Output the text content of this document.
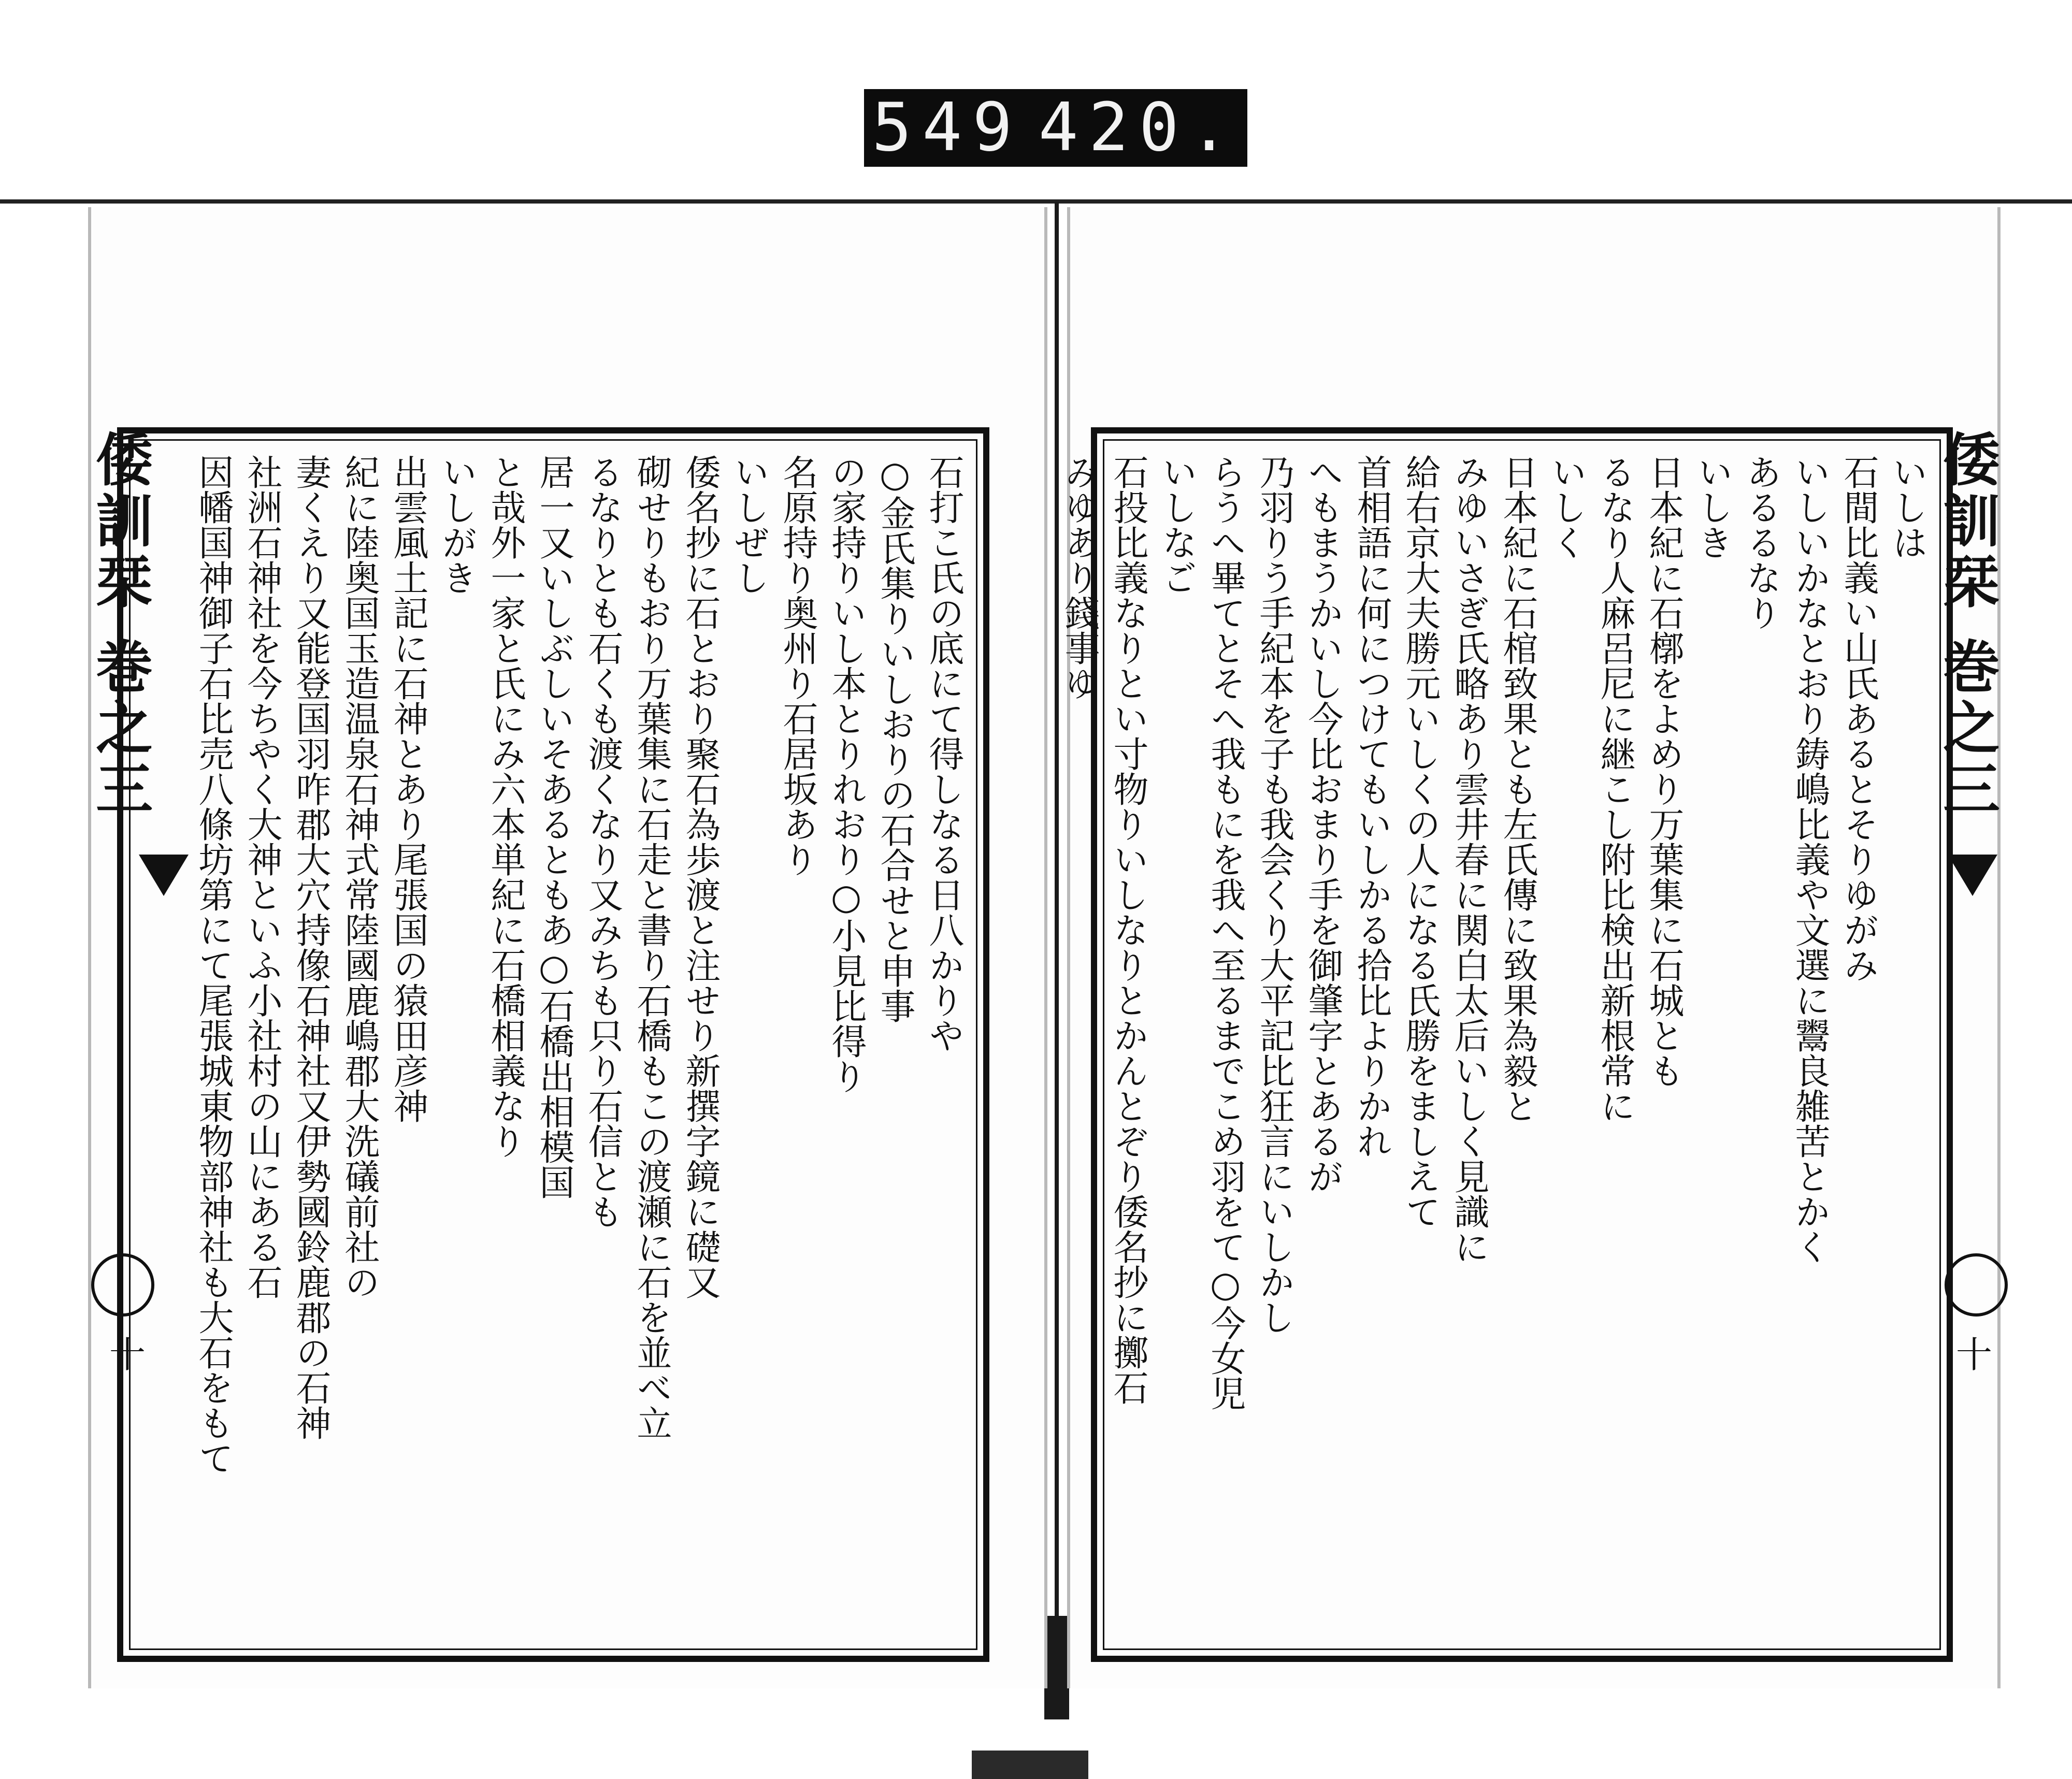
549 420.
倭訓栞 巻之三
十
石打こ氏の底にて得しなる日八かりや
○金氏集りいしおりの石合せと申事
の家持りいし本とりれおり○小見比得り
名原持り奥州り石居坂あり
いしぜし
倭名抄に石とおり聚石為歩渡と注せり新撰字鏡に礎又
砌せりもおり万葉集に石走と書り石橋もこの渡瀬に石を並べ立
るなりとも石くも渡くなり又みちも只り石信とも
居一又いしぶしいそあるともあ○石橋出相模国
と哉外一家と氏にみ六本単紀に石橋相義なり
いしがき
出雲風土記に石神とあり尾張国の猿田彦神
紀に陸奥国玉造温泉石神式常陸國鹿嶋郡大洗礒前社の
妻くえり又能登国羽咋郡大穴持像石神社又伊勢國鈴鹿郡の石神
社洲石神社を今ちやく大神といふ小社村の山にある石
因幡国神御子石比売八條坊第にて尾張城東物部神社も大石をもて	倭訓栞 巻之三
十
いしは
石間比義い山氏あるとそりゆがみ
いしいかなとおり鋳嶋比義や文選に鬻良雑苦とかく
あるるなり
いしき
日本紀に石槨をよめり万葉集に石城とも
るなり人麻呂尼に継こし附比検出新根常に
いしく
日本紀に石棺致果とも左氏傳に致果為毅と
みゆいさぎ氏略あり雲井春に関白太后いしく見識に
給右京大夫勝元いしくの人になる氏勝をましえて
首相語に何につけてもいしかる拾比よりかれ
へもまうかいし今比おまり手を御肇字とあるが
乃羽りう手紀本を子も我会くり大平記比狂言にいしかし
らうへ畢てとそへ我もにを我へ至るまでこめ羽をて○今女児
いしなご
石投比義なりとい寸物りいしなりとかんとぞり倭名抄に擲石
みゆあり錢事ゆ
